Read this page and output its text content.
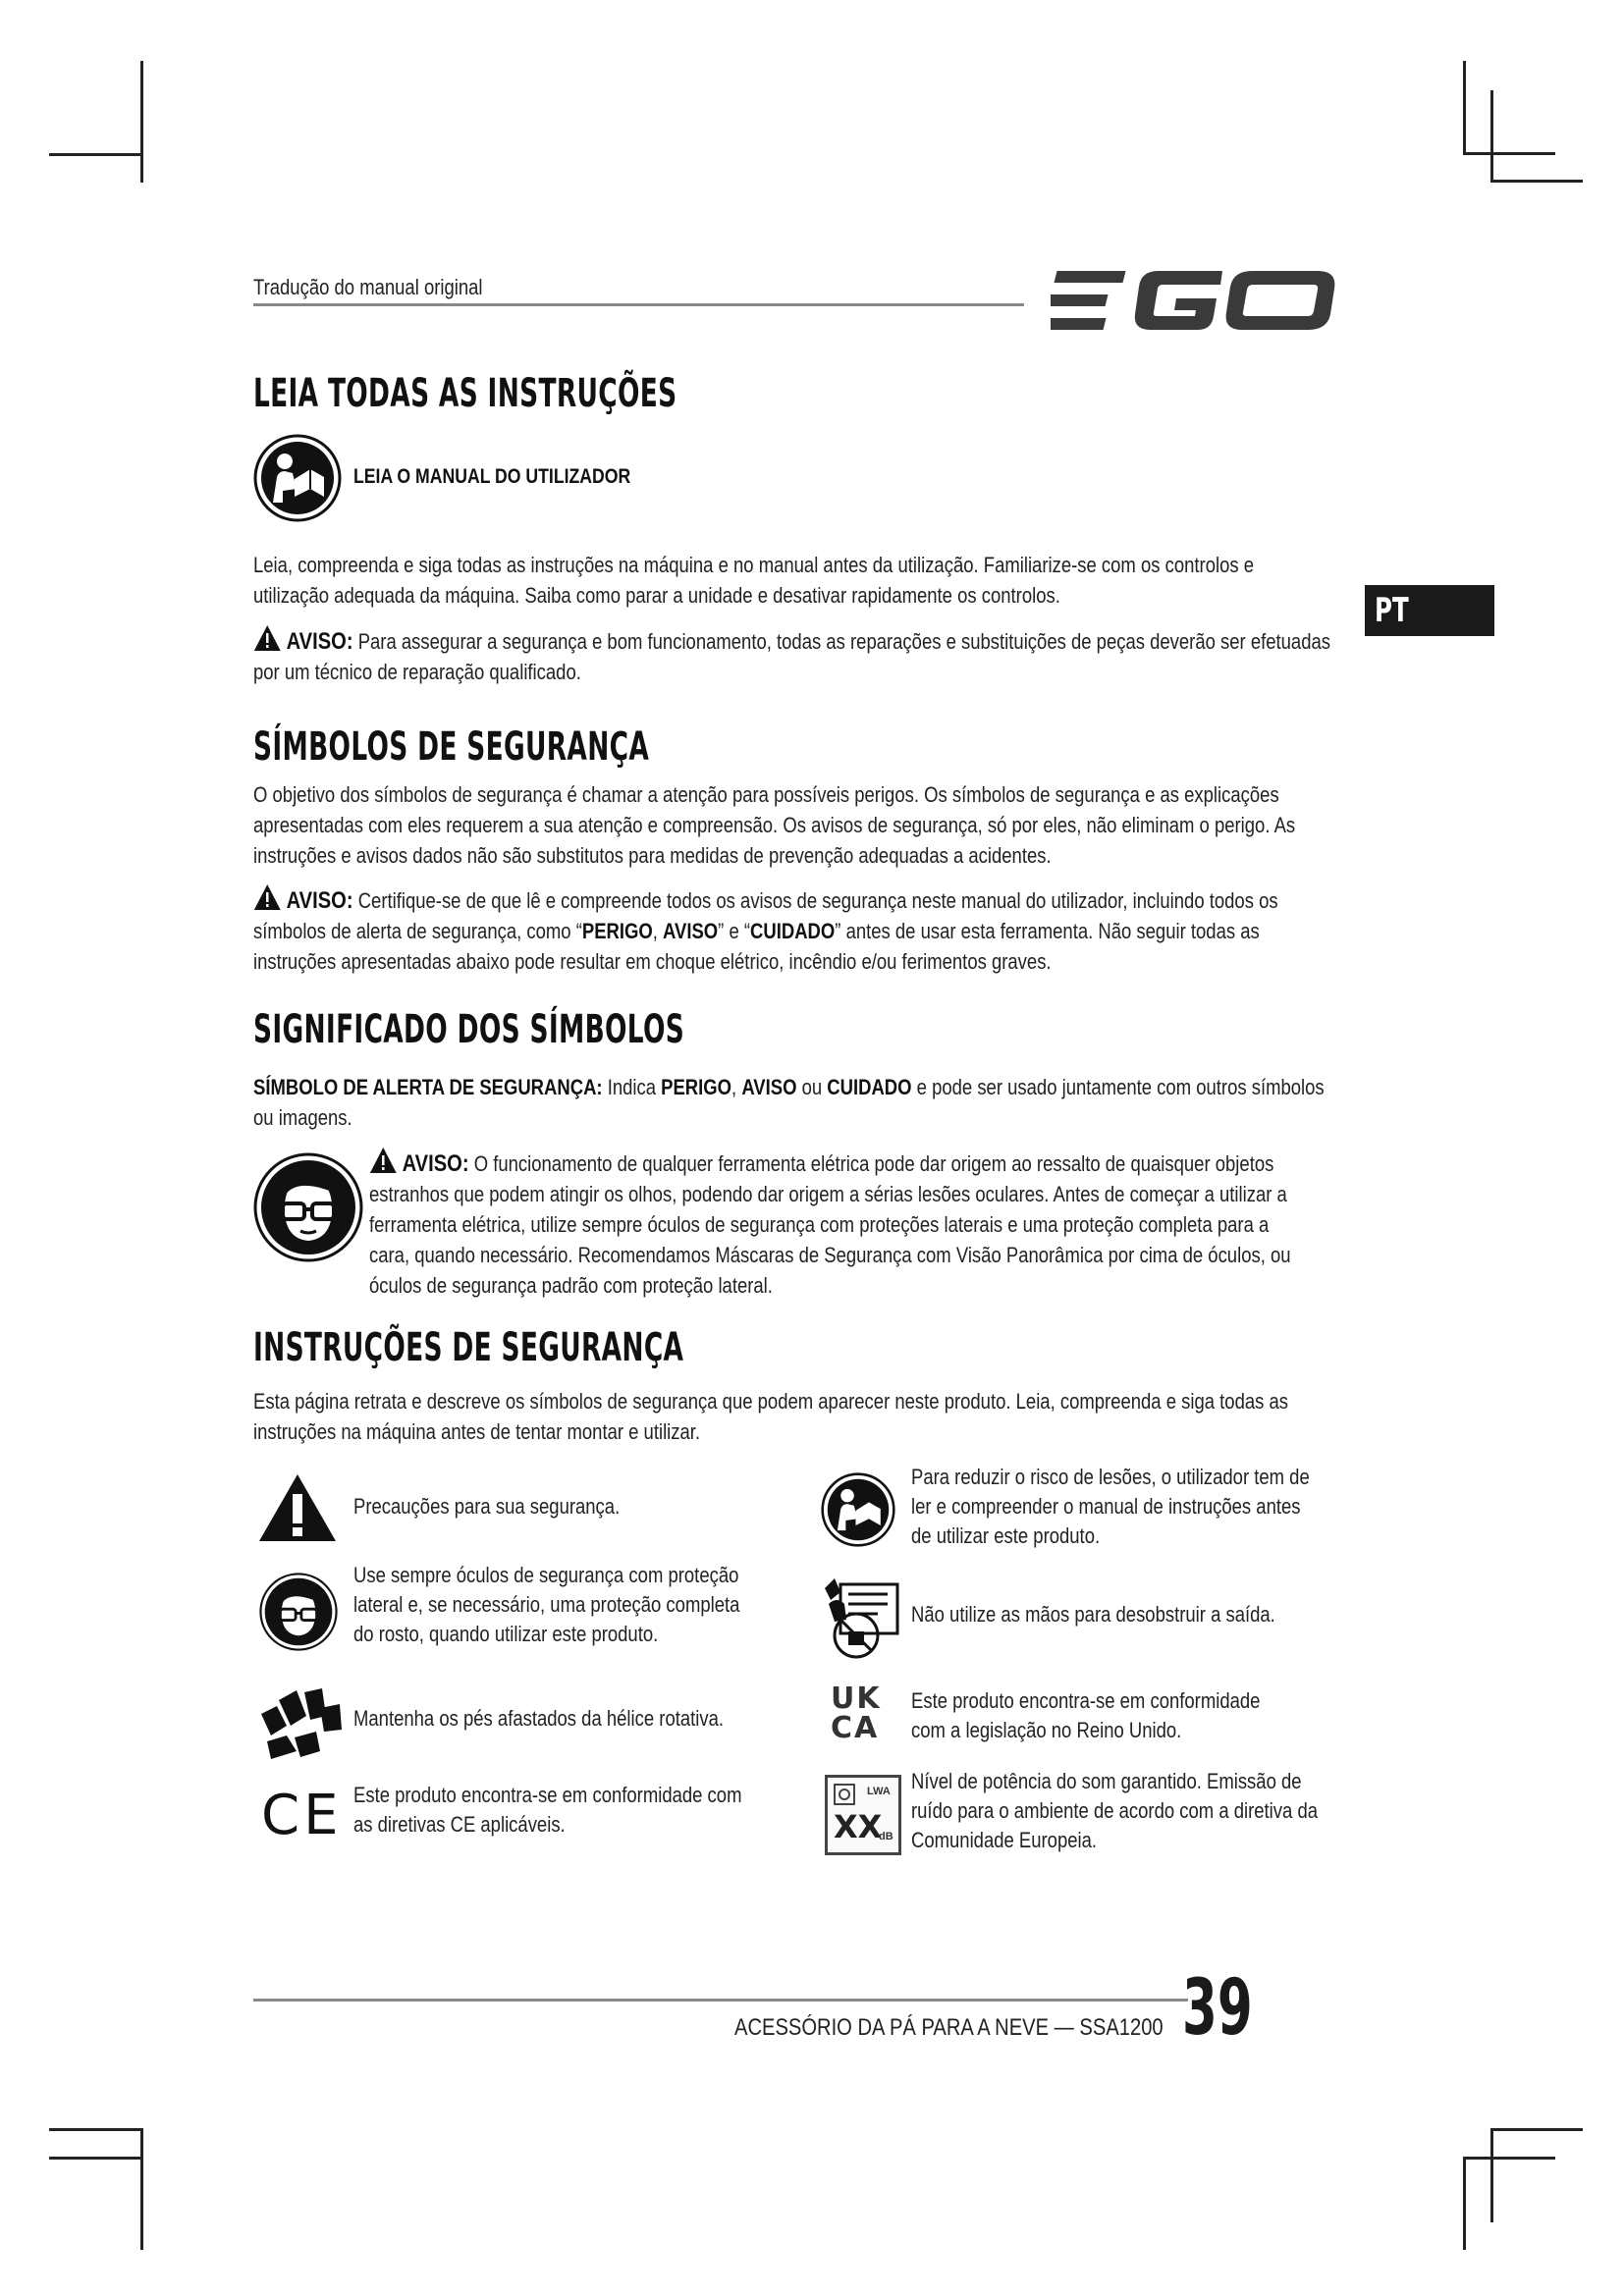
Tradução do manual original
PT
LEIA TODAS AS INSTRUÇÕES
LEIA O MANUAL DO UTILIZADOR
Leia, compreenda e siga todas as instruções na máquina e no manual antes da utilização. Familiarize-se com os controlos e utilização adequada da máquina. Saiba como parar a unidade e desativar rapidamente os controlos.
AVISO: Para assegurar a segurança e bom funcionamento, todas as reparações e substituições de peças deverão ser efetuadas por um técnico de reparação qualificado.
SÍMBOLOS DE SEGURANÇA
O objetivo dos símbolos de segurança é chamar a atenção para possíveis perigos. Os símbolos de segurança e as explicações apresentadas com eles requerem a sua atenção e compreensão. Os avisos de segurança, só por eles, não eliminam o perigo. As instruções e avisos dados não são substitutos para medidas de prevenção adequadas a acidentes.
AVISO: Certifique-se de que lê e compreende todos os avisos de segurança neste manual do utilizador, incluindo todos os símbolos de alerta de segurança, como “PERIGO, AVISO” e “CUIDADO” antes de usar esta ferramenta. Não seguir todas as instruções apresentadas abaixo pode resultar em choque elétrico, incêndio e/ou ferimentos graves.
SIGNIFICADO DOS SÍMBOLOS
SÍMBOLO DE ALERTA DE SEGURANÇA: Indica PERIGO, AVISO ou CUIDADO e pode ser usado juntamente com outros símbolos ou imagens.
AVISO: O funcionamento de qualquer ferramenta elétrica pode dar origem ao ressalto de quaisquer objetos estranhos que podem atingir os olhos, podendo dar origem a sérias lesões oculares. Antes de começar a utilizar a ferramenta elétrica, utilize sempre óculos de segurança com proteções laterais e uma proteção completa para a cara, quando necessário. Recomendamos Máscaras de Segurança com Visão Panorâmica por cima de óculos, ou óculos de segurança padrão com proteção lateral.
INSTRUÇÕES DE SEGURANÇA
Esta página retrata e descreve os símbolos de segurança que podem aparecer neste produto. Leia, compreenda e siga todas as instruções na máquina antes de tentar montar e utilizar.
Precauções para sua segurança.
Use sempre óculos de segurança com proteção lateral e, se necessário, uma proteção completa do rosto, quando utilizar este produto.
Mantenha os pés afastados da hélice rotativa.
CE Este produto encontra-se em conformidade com as diretivas CE aplicáveis.
Para reduzir o risco de lesões, o utilizador tem de ler e compreender o manual de instruções antes de utilizar este produto.
Não utilize as mãos para desobstruir a saída.
UK
CA
Este produto encontra-se em conformidade com a legislação no Reino Unido.
LWA
XX
dB
Nível de potência do som garantido. Emissão de ruído para o ambiente de acordo com a diretiva da Comunidade Europeia.
ACESSÓRIO DA PÁ PARA A NEVE — SSA1200 39
